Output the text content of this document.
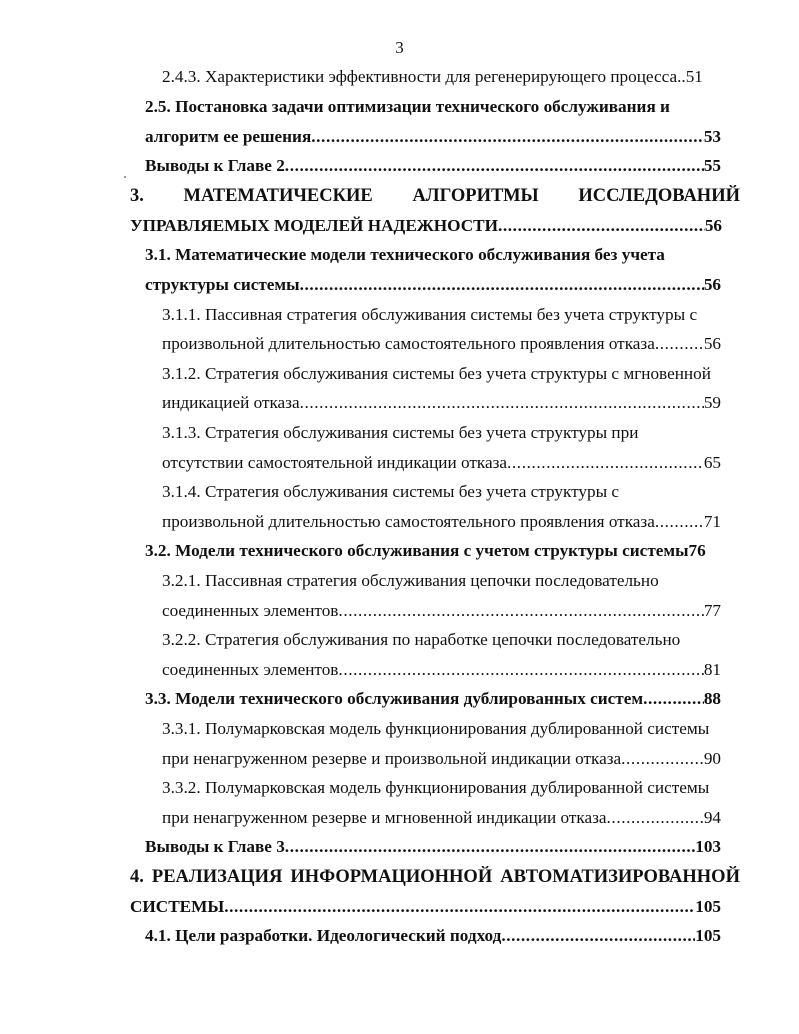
3
2.4.3. Характеристики эффективности для регенерирующего процесса ..51
2.5. Постановка задачи оптимизации технического обслуживания и
алгоритм ее решения .....	53
Выводы к Главе 2 .....	55
3. МАТЕМАТИЧЕСКИЕ АЛГОРИТМЫ ИССЛЕДОВАНИЙ
УПРАВЛЯЕМЫХ МОДЕЛЕЙ НАДЕЖНОСТИ .....	56
3.1. Математические модели технического обслуживания без учета
структуры системы .....	56
3.1.1. Пассивная стратегия обслуживания системы без учета структуры с
произвольной длительностью самостоятельного проявления отказа .....	56
3.1.2. Стратегия обслуживания системы без учета структуры с мгновенной
индикацией отказа .....	59
3.1.3. Стратегия обслуживания системы без учета структуры при
отсутствии самостоятельной индикации отказа .....	65
3.1.4. Стратегия обслуживания системы без учета структуры с
произвольной длительностью самостоятельного проявления отказа .....	71
3.2. Модели технического обслуживания с учетом структуры системы76
3.2.1. Пассивная стратегия обслуживания цепочки последовательно
соединенных элементов .....	77
3.2.2. Стратегия обслуживания по наработке цепочки последовательно
соединенных элементов .....	81
3.3. Модели технического обслуживания дублированных систем .....	88
3.3.1. Полумарковская модель функционирования дублированной системы
при ненагруженном резерве и произвольной индикации отказа .....	90
3.3.2. Полумарковская модель функционирования дублированной системы
при ненагруженном резерве и мгновенной индикации отказа .....	94
Выводы к Главе 3 .....	103
4. РЕАЛИЗАЦИЯ ИНФОРМАЦИОННОЙ АВТОМАТИЗИРОВАННОЙ
СИСТЕМЫ .....	105
4.1. Цели разработки. Идеологический подход .....	105
